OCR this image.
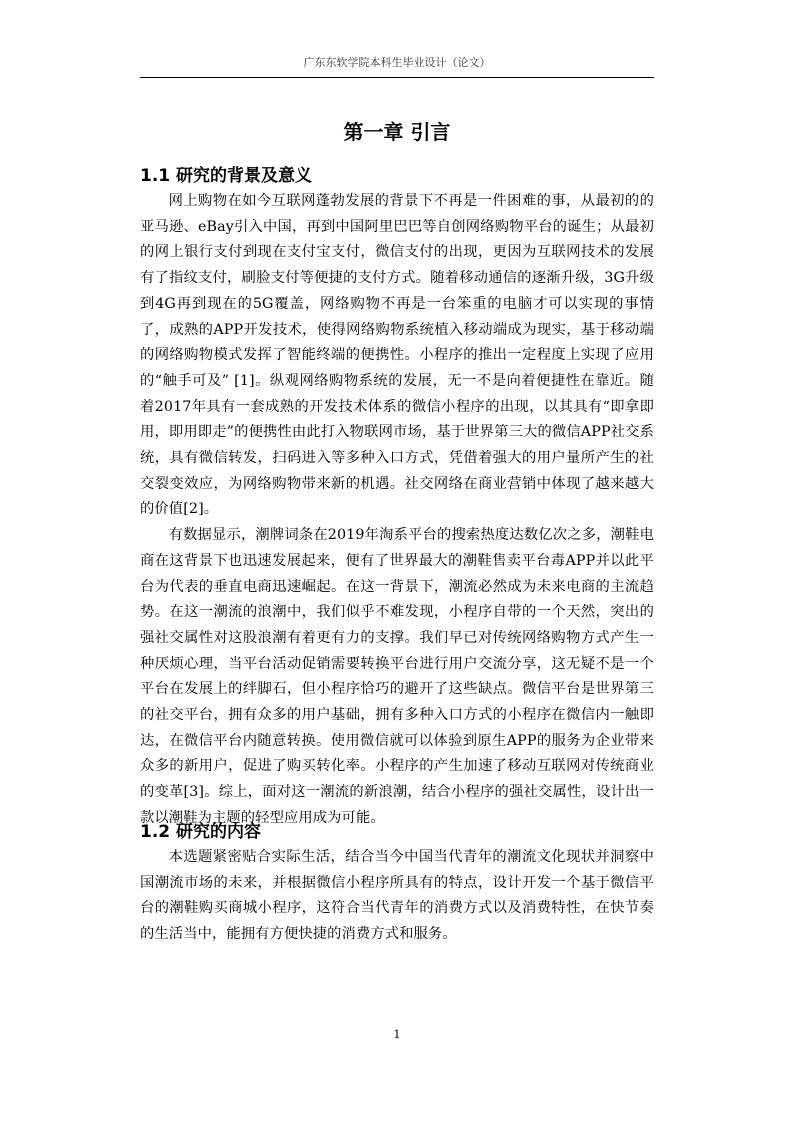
广东东软学院本科生毕业设计（论文）
第一章 引言
1.1 研究的背景及意义

网上购物在如今互联网蓬勃发展的背景下不再是一件困难的事，从最初的的亚马逊、eBay引入中国，再到中国阿里巴巴等自创网络购物平台的诞生；从最初的网上银行支付到现在支付宝支付，微信支付的出现，更因为互联网技术的发展有了指纹支付，刷脸支付等便捷的支付方式。随着移动通信的逐渐升级，3G升级到4G再到现在的5G覆盖，网络购物不再是一台笨重的电脑才可以实现的事情了，成熟的APP开发技术，使得网络购物系统植入移动端成为现实，基于移动端的网络购物模式发挥了智能终端的便携性。小程序的推出一定程度上实现了应用的“触手可及” [1]。纵观网络购物系统的发展，无一不是向着便捷性在靠近。随着2017年具有一套成熟的开发技术体系的微信小程序的出现，以其具有“即拿即用，即用即走”的便携性由此打入物联网市场，基于世界第三大的微信APP社交系统，具有微信转发，扫码进入等多种入口方式，凭借着强大的用户量所产生的社交裂变效应，为网络购物带来新的机遇。社交网络在商业营销中体现了越来越大的价值[2]。

有数据显示，潮牌词条在2019年淘系平台的搜索热度达数亿次之多，潮鞋电商在这背景下也迅速发展起来，便有了世界最大的潮鞋售卖平台毒APP并以此平台为代表的垂直电商迅速崛起。在这一背景下，潮流必然成为未来电商的主流趋势。在这一潮流的浪潮中，我们似乎不难发现，小程序自带的一个天然，突出的强社交属性对这股浪潮有着更有力的支撑。我们早已对传统网络购物方式产生一种厌烦心理，当平台活动促销需要转换平台进行用户交流分享，这无疑不是一个平台在发展上的绊脚石，但小程序恰巧的避开了这些缺点。微信平台是世界第三的社交平台，拥有众多的用户基础，拥有多种入口方式的小程序在微信内一触即达，在微信平台内随意转换。使用微信就可以体验到原生APP的服务为企业带来众多的新用户，促进了购买转化率。小程序的产生加速了移动互联网对传统商业的变革[3]。综上，面对这一潮流的新浪潮，结合小程序的强社交属性，设计出一款以潮鞋为主题的轻型应用成为可能。

1.2 研究的内容

本选题紧密贴合实际生活，结合当今中国当代青年的潮流文化现状并洞察中国潮流市场的未来，并根据微信小程序所具有的特点，设计开发一个基于微信平台的潮鞋购买商城小程序，这符合当代青年的消费方式以及消费特性，在快节奏的生活当中，能拥有方便快捷的消费方式和服务。

1
